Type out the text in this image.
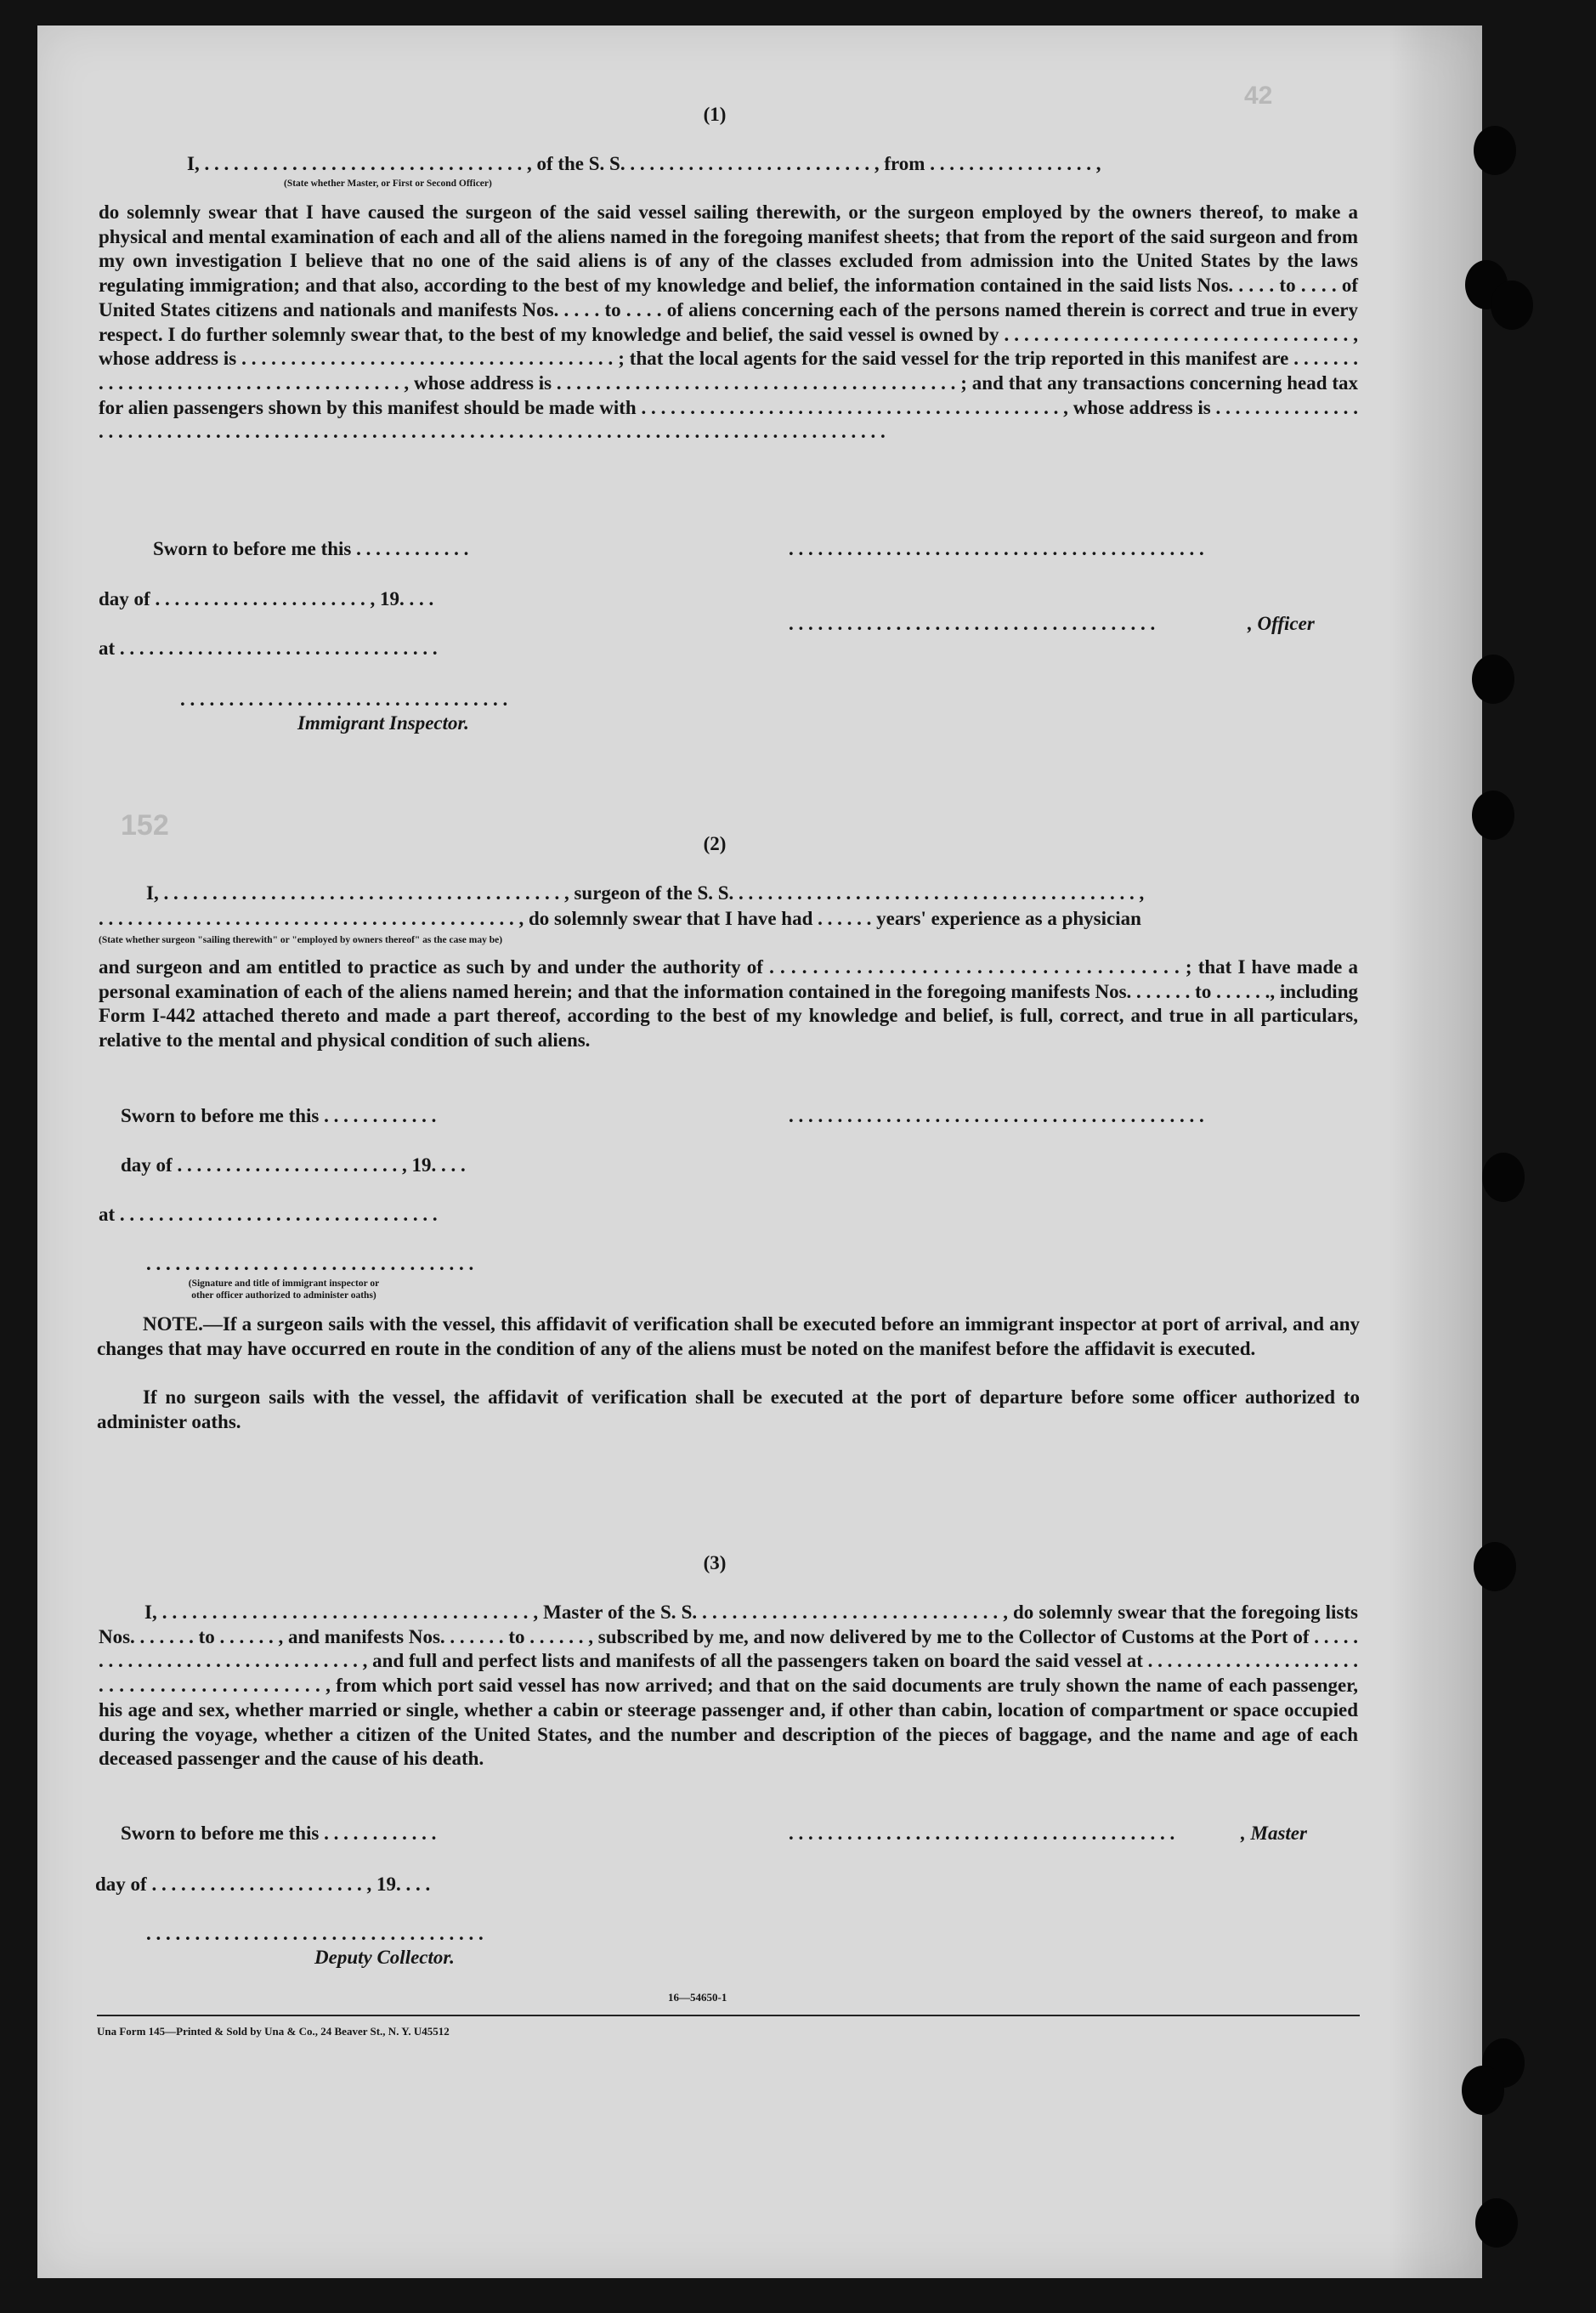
152
42
(1)
I, . . . . . . . . . . . . . . . . . . . . . . . . . . . . . . . . . , of the S. S. . . . . . . . . . . . . . . . . . . . . . . . . . , from . . . . . . . . . . . . . . . . . ,
(State whether Master, or First or Second Officer)
do solemnly swear that I have caused the surgeon of the said vessel sailing therewith, or the surgeon employed by the owners thereof, to make a physical and mental examination of each and all of the aliens named in the foregoing manifest sheets; that from the report of the said surgeon and from my own investigation I believe that no one of the said aliens is of any of the classes excluded from admission into the United States by the laws regulating immigration; and that also, according to the best of my knowledge and belief, the information contained in the said lists Nos. . . . . to . . . . of United States citizens and nationals and manifests Nos. . . . . to . . . . of aliens concerning each of the persons named therein is correct and true in every respect. I do further solemnly swear that, to the best of my knowledge and belief, the said vessel is owned by . . . . . . . . . . . . . . . . . . . . . . . . . . . . . . . . . . . , whose address is . . . . . . . . . . . . . . . . . . . . . . . . . . . . . . . . . . . . . . ; that the local agents for the said vessel for the trip reported in this manifest are . . . . . . . . . . . . . . . . . . . . . . . . . . . . . . . . . . . . . . , whose address is . . . . . . . . . . . . . . . . . . . . . . . . . . . . . . . . . . . . . . . . . ; and that any transactions concerning head tax for alien passengers shown by this manifest should be made with . . . . . . . . . . . . . . . . . . . . . . . . . . . . . . . . . . . . . . . . . . . , whose address is . . . . . . . . . . . . . . . . . . . . . . . . . . . . . . . . . . . . . . . . . . . . . . . . . . . . . . . . . . . . . . . . . . . . . . . . . . . . . . . . . . . . . . . . . . . . . . . .
Sworn to before me this . . . . . . . . . . . .	. . . . . . . . . . . . . . . . . . . . . . . . . . . . . . . . . . . . . . . . . . .
day of . . . . . . . . . . . . . . . . . . . . . . , 19. . . .
. . . . . . . . . . . . . . . . . . . . . . . . . . . . . . . . . . . . . .	, Officer
at . . . . . . . . . . . . . . . . . . . . . . . . . . . . . . . . .
. . . . . . . . . . . . . . . . . . . . . . . . . . . . . . . . . .
Immigrant Inspector.
(2)
I, . . . . . . . . . . . . . . . . . . . . . . . . . . . . . . . . . . . . . . . . . , surgeon of the S. S. . . . . . . . . . . . . . . . . . . . . . . . . . . . . . . . . . . . . . . . . . ,
. . . . . . . . . . . . . . . . . . . . . . . . . . . . . . . . . . . . . . . . . . . , do solemnly swear that I have had . . . . . . years' experience as a physician
(State whether surgeon "sailing therewith" or "employed by owners thereof" as the case may be)
and surgeon and am entitled to practice as such by and under the authority of . . . . . . . . . . . . . . . . . . . . . . . . . . . . . . . . . . . . . . ; that I have made a personal examination of each of the aliens named herein; and that the information contained in the foregoing manifests Nos. . . . . . . to . . . . . ., including Form I-442 attached thereto and made a part thereof, according to the best of my knowledge and belief, is full, correct, and true in all particulars, relative to the mental and physical condition of such aliens.
Sworn to before me this . . . . . . . . . . . .	. . . . . . . . . . . . . . . . . . . . . . . . . . . . . . . . . . . . . . . . . . .
day of . . . . . . . . . . . . . . . . . . . . . . . , 19. . . .
at . . . . . . . . . . . . . . . . . . . . . . . . . . . . . . . . .
. . . . . . . . . . . . . . . . . . . . . . . . . . . . . . . . . .
(Signature and title of immigrant inspector or
other officer authorized to administer oaths)
NOTE.—If a surgeon sails with the vessel, this affidavit of verification shall be executed before an immigrant inspector at port of arrival, and any changes that may have occurred en route in the condition of any of the aliens must be noted on the manifest before the affidavit is executed.
If no surgeon sails with the vessel, the affidavit of verification shall be executed at the port of departure before some officer authorized to administer oaths.
(3)
I, . . . . . . . . . . . . . . . . . . . . . . . . . . . . . . . . . . . . . , Master of the S. S. . . . . . . . . . . . . . . . . . . . . . . . . . . . . . . , do solemnly swear that the foregoing lists Nos. . . . . . . to . . . . . . , and manifests Nos. . . . . . . to . . . . . . , subscribed by me, and now delivered by me to the Collector of Customs at the Port of . . . . . . . . . . . . . . . . . . . . . . . . . . . . . . . . , and full and perfect lists and manifests of all the passengers taken on board the said vessel at . . . . . . . . . . . . . . . . . . . . . . . . . . . . . . . . . . . . . . . . . . . . , from which port said vessel has now arrived; and that on the said documents are truly shown the name of each passenger, his age and sex, whether married or single, whether a cabin or steerage passenger and, if other than cabin, location of compartment or space occupied during the voyage, whether a citizen of the United States, and the number and description of the pieces of baggage, and the name and age of each deceased passenger and the cause of his death.
Sworn to before me this . . . . . . . . . . . .	. . . . . . . . . . . . . . . . . . . . . . . . . . . . . . . . . . . . . . . .	, Master
day of . . . . . . . . . . . . . . . . . . . . . . , 19. . . .
. . . . . . . . . . . . . . . . . . . . . . . . . . . . . . . . . . .
Deputy Collector.
16—54650-1
Una Form 145—Printed & Sold by Una & Co., 24 Beaver St., N. Y. U45512
